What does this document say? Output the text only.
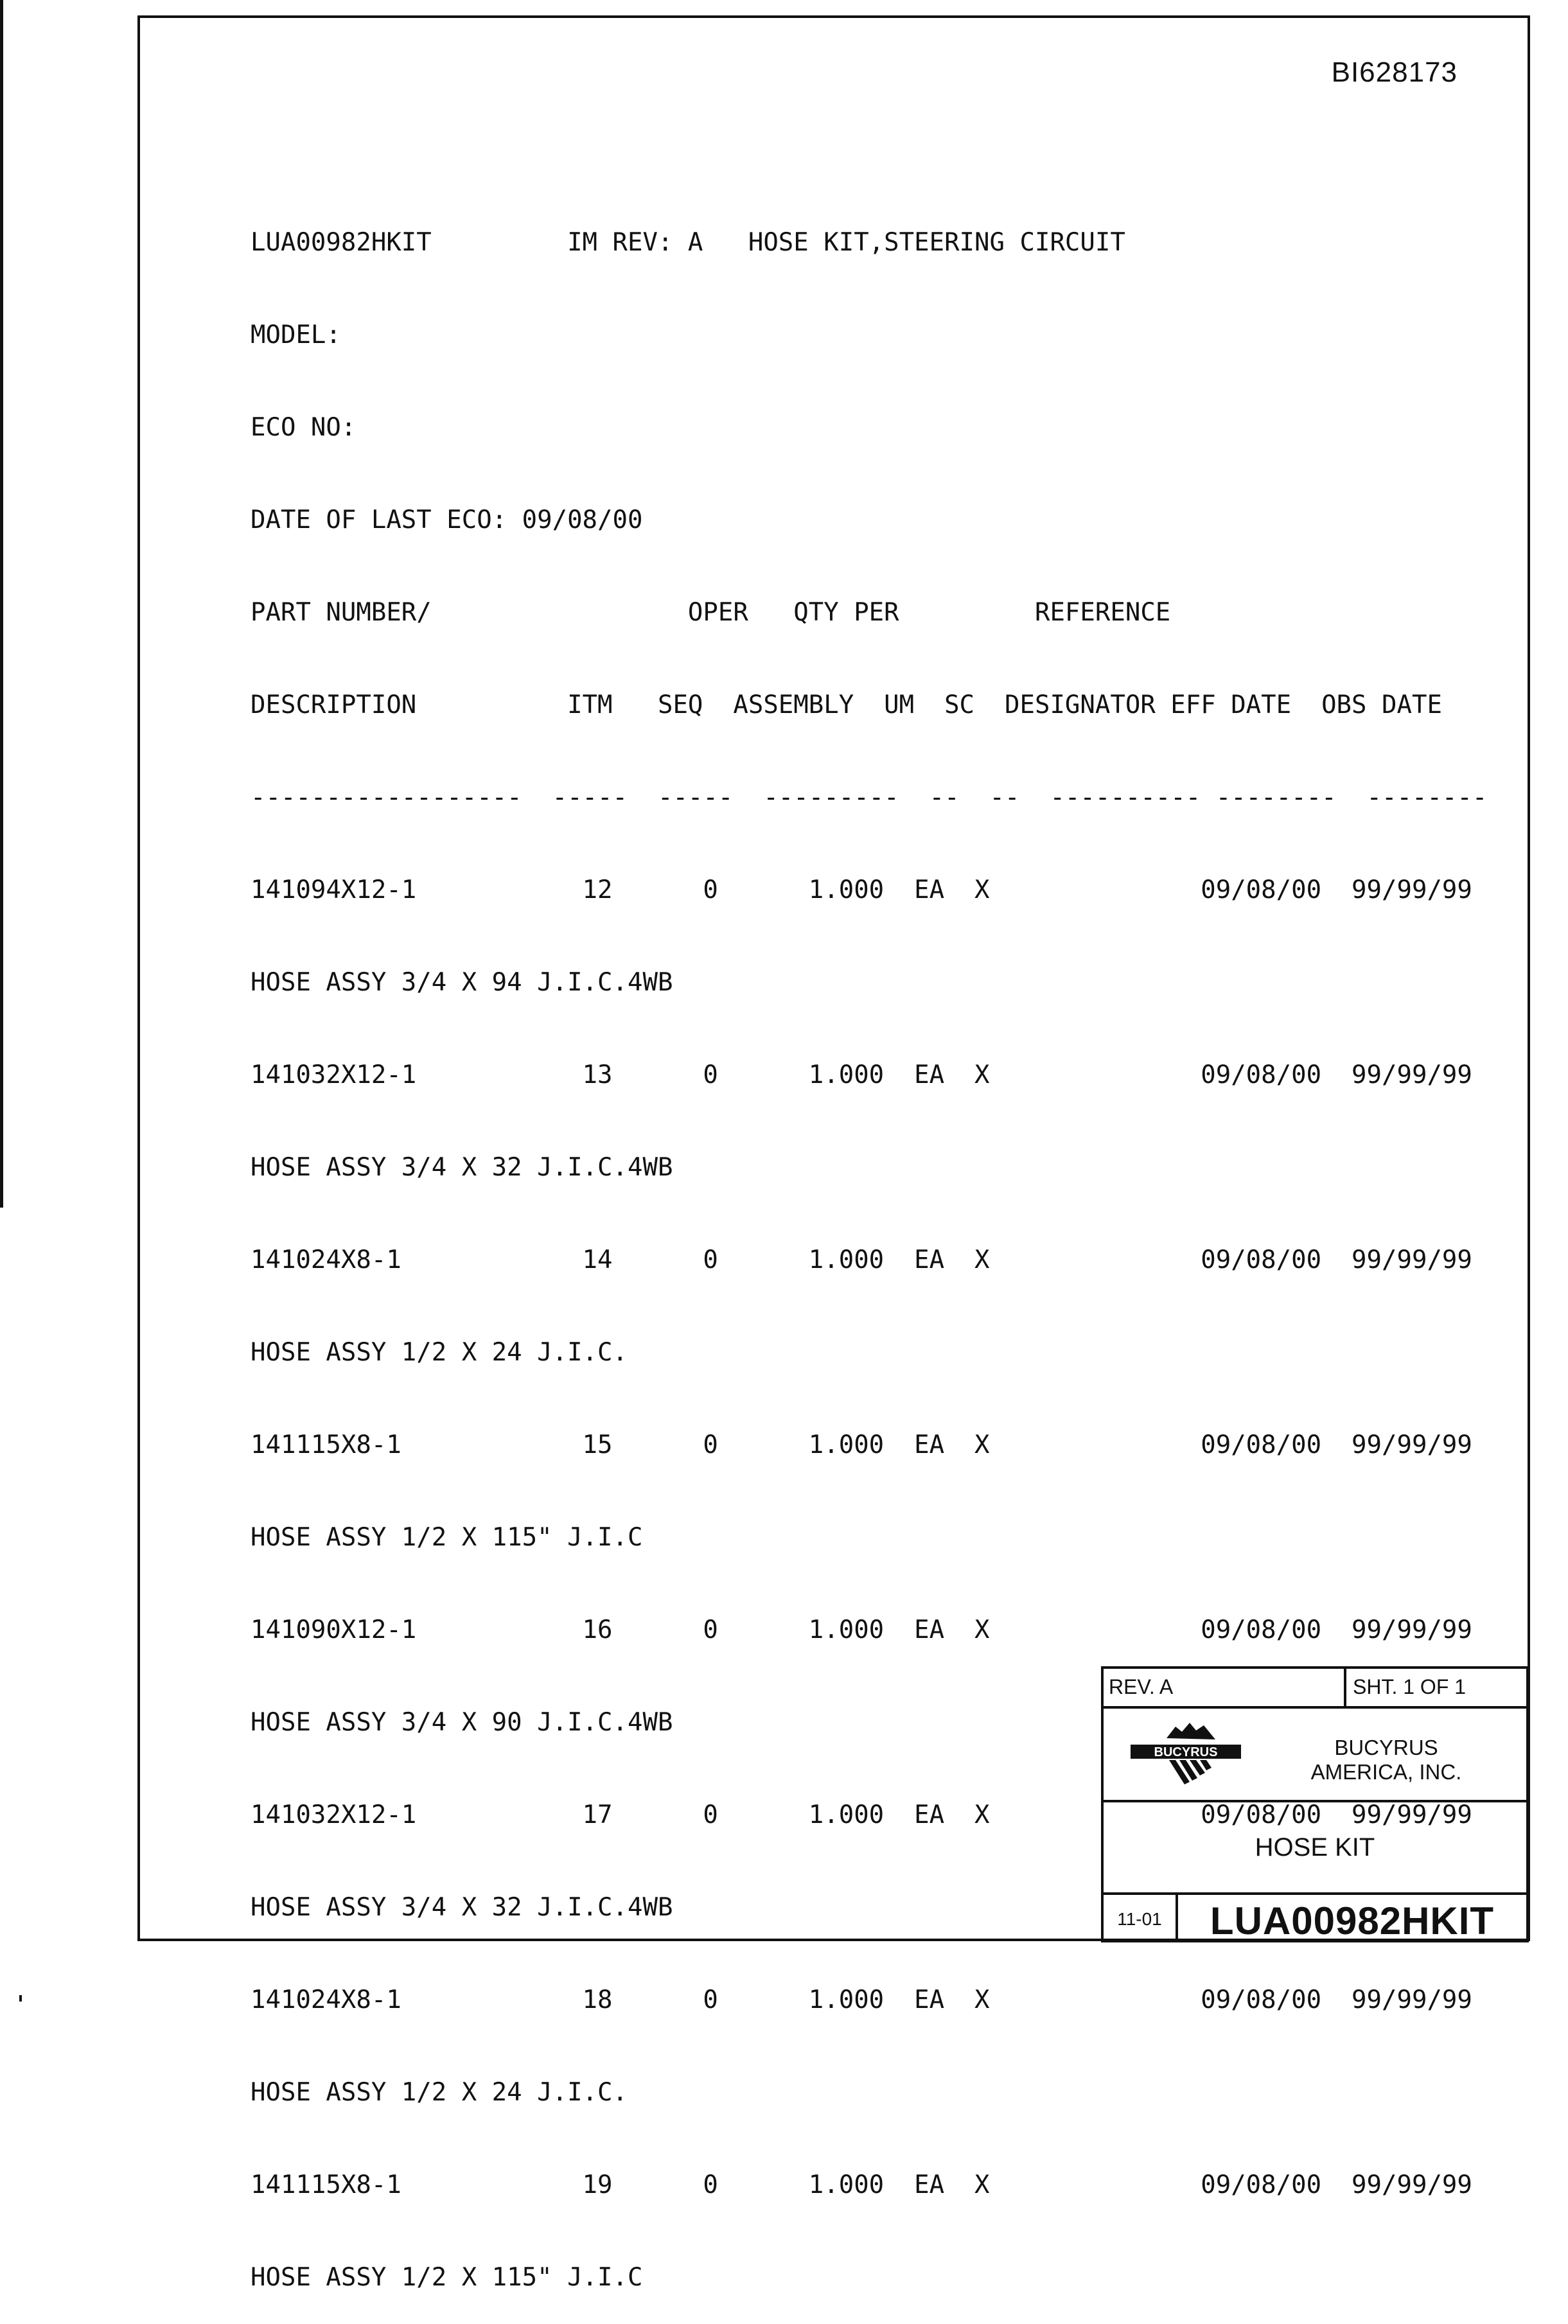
BI628173

LUA00982HKIT         IM REV: A   HOSE KIT,STEERING CIRCUIT

MODEL:

ECO NO:

DATE OF LAST ECO: 09/08/00

PART NUMBER/                 OPER   QTY PER         REFERENCE

DESCRIPTION          ITM   SEQ  ASSEMBLY  UM  SC  DESIGNATOR EFF DATE  OBS DATE

------------------  -----  -----  ---------  --  --  ---------- --------  --------

141094X12-1           12      0      1.000  EA  X              09/08/00  99/99/99

HOSE ASSY 3/4 X 94 J.I.C.4WB

141032X12-1           13      0      1.000  EA  X              09/08/00  99/99/99

HOSE ASSY 3/4 X 32 J.I.C.4WB

141024X8-1            14      0      1.000  EA  X              09/08/00  99/99/99

HOSE ASSY 1/2 X 24 J.I.C.

141115X8-1            15      0      1.000  EA  X              09/08/00  99/99/99

HOSE ASSY 1/2 X 115" J.I.C

141090X12-1           16      0      1.000  EA  X              09/08/00  99/99/99

HOSE ASSY 3/4 X 90 J.I.C.4WB

141032X12-1           17      0      1.000  EA  X              09/08/00  99/99/99

HOSE ASSY 3/4 X 32 J.I.C.4WB

141024X8-1            18      0      1.000  EA  X              09/08/00  99/99/99

HOSE ASSY 1/2 X 24 J.I.C.

141115X8-1            19      0      1.000  EA  X              09/08/00  99/99/99

HOSE ASSY 1/2 X 115" J.I.C

REV. A	SHT. 1 OF 1
BUCYRUS	BUCYRUS
AMERICA, INC.
HOSE KIT
11-01	LUA00982HKIT
